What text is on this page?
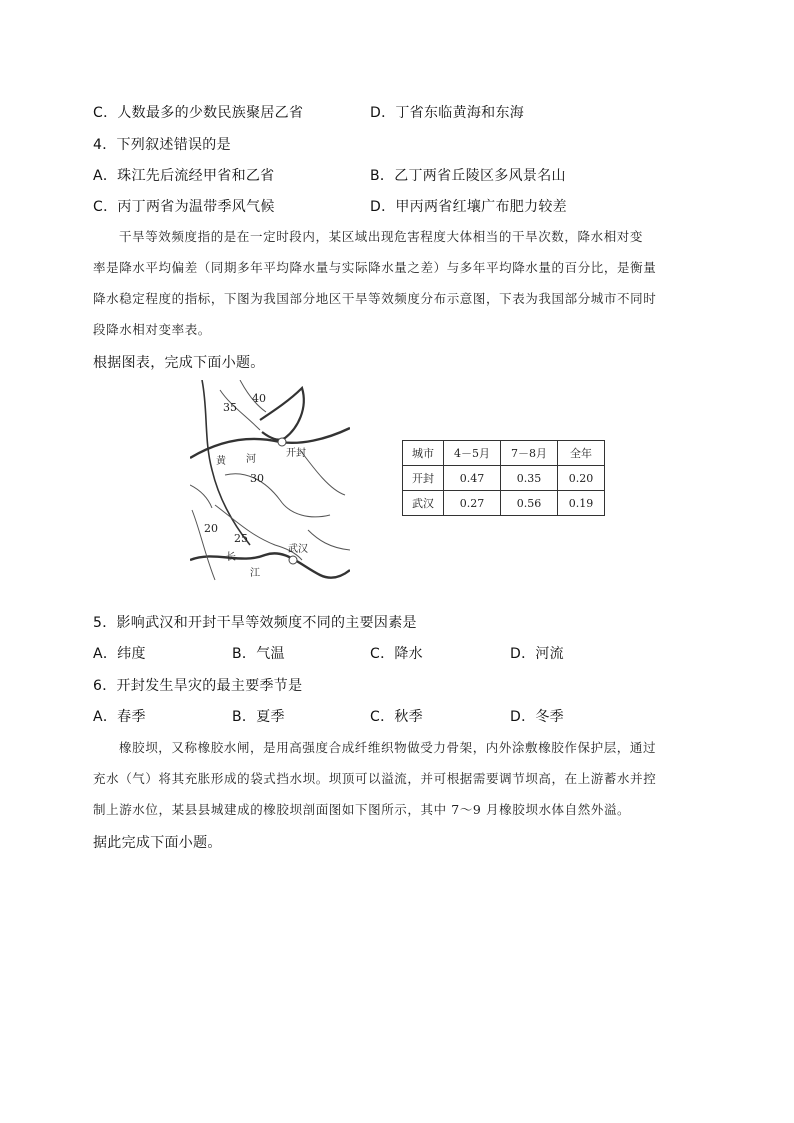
C．人数最多的少数民族聚居乙省	D．丁省东临黄海和东海
4．下列叙述错误的是
A．珠江先后流经甲省和乙省	B．乙丁两省丘陵区多风景名山
C．丙丁两省为温带季风气候	D．甲丙两省红壤广布肥力较差
干旱等效频度指的是在一定时段内，某区域出现危害程度大体相当的干旱次数，降水相对变
率是降水平均偏差（同期多年平均降水量与实际降水量之差）与多年平均降水量的百分比，是衡量
降水稳定程度的指标，下图为我国部分地区干旱等效频度分布示意图，下表为我国部分城市不同时
段降水相对变率表。
根据图表，完成下面小题。
35
40
30
20
25
黄 河
开封
长
江
武汉
城市	4－5月	7－8月	全年
开封	0.47	0.35	0.20
武汉	0.27	0.56	0.19
5．影响武汉和开封干旱等效频度不同的主要因素是
A．纬度	B．气温	C．降水	D．河流
6．开封发生旱灾的最主要季节是
A．春季	B．夏季	C．秋季	D．冬季
橡胶坝，又称橡胶水闸，是用高强度合成纤维织物做受力骨架，内外涂敷橡胶作保护层，通过
充水（气）将其充胀形成的袋式挡水坝。坝顶可以溢流，并可根据需要调节坝高，在上游蓄水并控
制上游水位，某县县城建成的橡胶坝剖面图如下图所示，其中 7～9 月橡胶坝水体自然外溢。
据此完成下面小题。
